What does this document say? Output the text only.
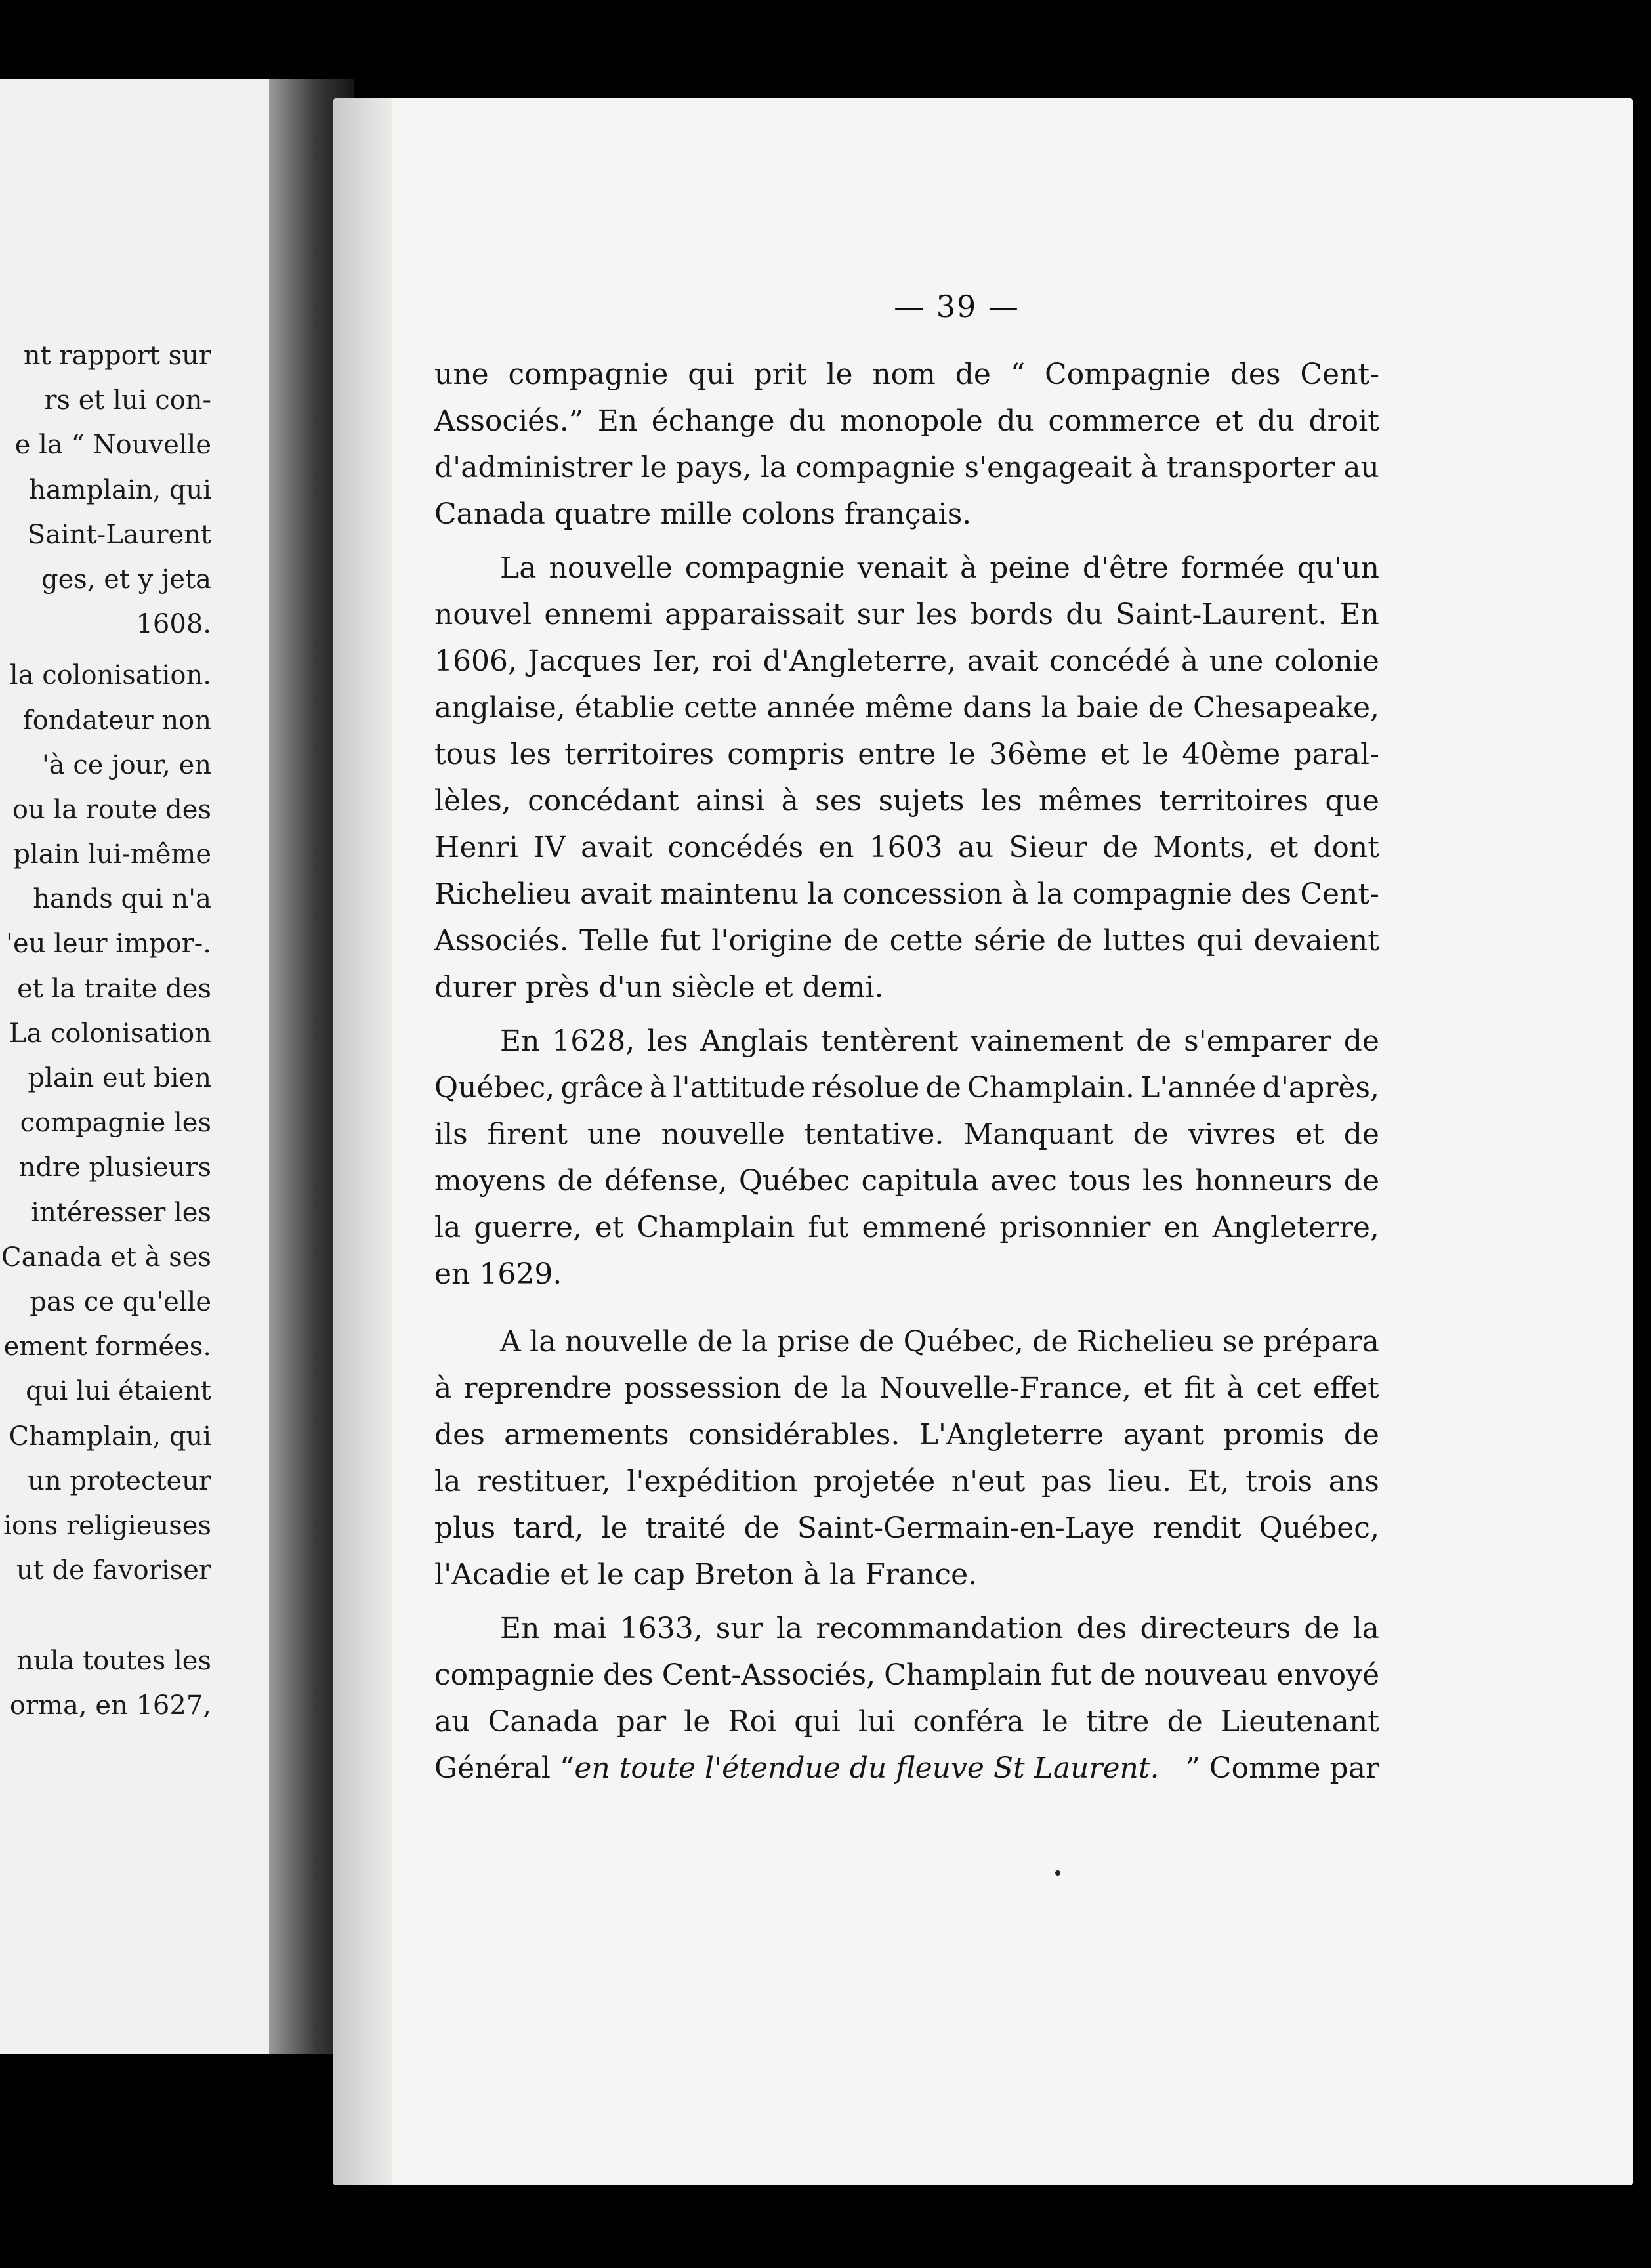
nt rapport sur
rs et lui con-
e la “ Nouvelle
hamplain, qui
Saint-Laurent
ges, et y jeta
1608.
la colonisation.
fondateur non
'à ce jour, en
ou la route des
plain lui-même
hands qui n'a
'eu leur impor-.
et la traite des
La colonisation
plain eut bien
compagnie les
ndre plusieurs
intéresser les
Canada et à ses
pas ce qu'elle
ement formées.
qui lui étaient
Champlain, qui
un protecteur
ions religieuses
ut de favoriser
nula toutes les
orma, en 1627,
— 39 —
une compagnie qui prit le nom de “ Compagnie des Cent-
Associés.” En échange du monopole du commerce et du droit
d'administrer le pays, la compagnie s'engageait à transporter au
Canada quatre mille colons français.
La nouvelle compagnie venait à peine d'être formée qu'un
nouvel ennemi apparaissait sur les bords du Saint-Laurent. En
1606, Jacques Ier, roi d'Angleterre, avait concédé à une colonie
anglaise, établie cette année même dans la baie de Chesapeake,
tous les territoires compris entre le 36ème et le 40ème paral-
lèles, concédant ainsi à ses sujets les mêmes territoires que
Henri IV avait concédés en 1603 au Sieur de Monts, et dont
Richelieu avait maintenu la concession à la compagnie des Cent-
Associés. Telle fut l'origine de cette série de luttes qui devaient
durer près d'un siècle et demi.
En 1628, les Anglais tentèrent vainement de s'emparer de
Québec, grâce à l'attitude résolue de Champlain. L'année d'après,
ils firent une nouvelle tentative. Manquant de vivres et de
moyens de défense, Québec capitula avec tous les honneurs de
la guerre, et Champlain fut emmené prisonnier en Angleterre,
en 1629.
A la nouvelle de la prise de Québec, de Richelieu se prépara
à reprendre possession de la Nouvelle-France, et fit à cet effet
des armements considérables. L'Angleterre ayant promis de
la restituer, l'expédition projetée n'eut pas lieu. Et, trois ans
plus tard, le traité de Saint-Germain-en-Laye rendit Québec,
l'Acadie et le cap Breton à la France.
En mai 1633, sur la recommandation des directeurs de la
compagnie des Cent-Associés, Champlain fut de nouveau envoyé
au Canada par le Roi qui lui conféra le titre de Lieutenant
Général “en toute l'étendue du fleuve St Laurent. ” Comme par
